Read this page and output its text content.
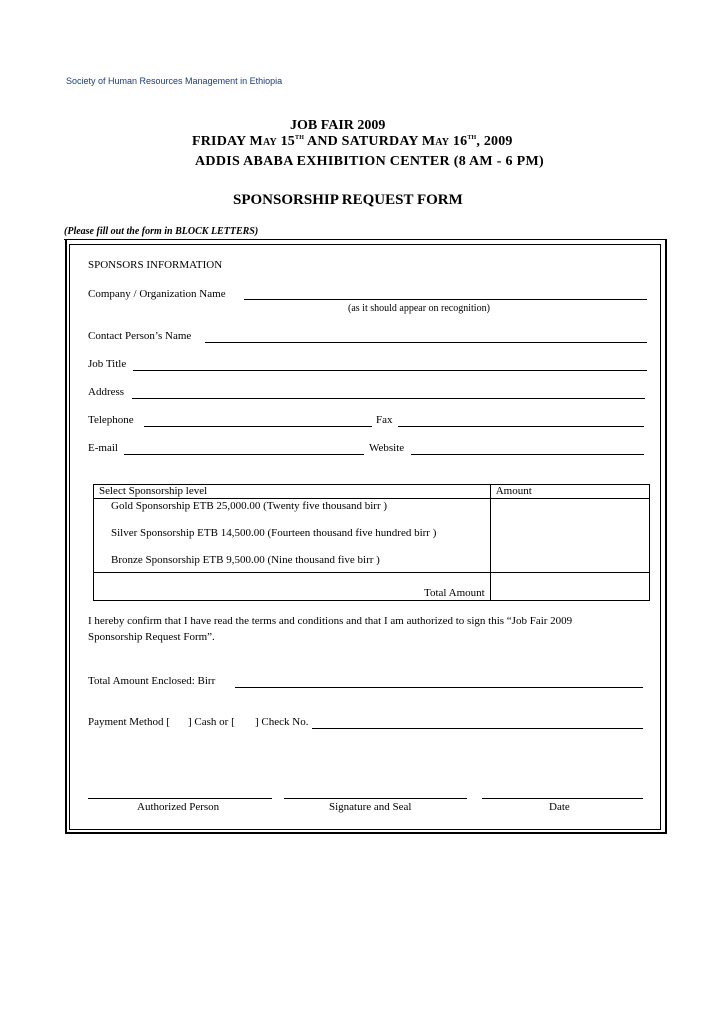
Society of Human Resources Management in Ethiopia
JOB FAIR 2009
FRIDAY MAY 15TH AND SATURDAY MAY 16TH, 2009
ADDIS ABABA EXHIBITION CENTER (8 AM - 6 PM)
SPONSORSHIP REQUEST FORM
(Please fill out the form in BLOCK LETTERS)
SPONSORS INFORMATION
Company / Organization Name
(as it should appear on recognition)
Contact Person’s Name
Job Title
Address
Telephone	Fax
E-mail	Website
Select Sponsorship level	Amount

Gold Sponsorship ETB 25,000.00 (Twenty five thousand birr )
Silver Sponsorship ETB 14,500.00 (Fourteen thousand five hundred birr )
Bronze Sponsorship ETB 9,500.00 (Nine thousand five birr )	

Total Amount	
I hereby confirm that I have read the terms and conditions and that I am authorized to sign this “Job Fair 2009
Sponsorship Request Form”.
Total Amount Enclosed: Birr
Payment Method [ ] Cash or [ ] Check No.
Authorized Person	Signature and Seal	Date
